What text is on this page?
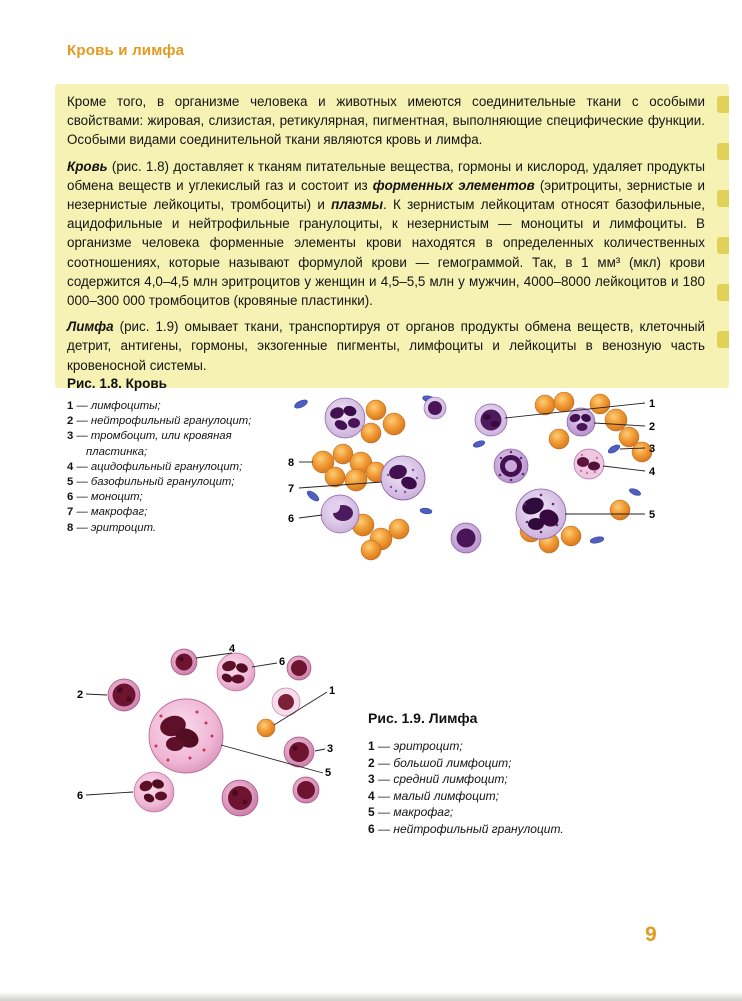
Кровь и лимфа

Кроме того, в организме человека и животных имеются соединительные ткани с особыми свойствами: жировая, слизистая, ретикулярная, пигментная, выполняющие специфические функции. Особыми видами соединительной ткани являются кровь и лимфа.

Кровь (рис. 1.8) доставляет к тканям питательные вещества, гормоны и кислород, удаляет продукты обмена веществ и углекислый газ и состоит из форменных элементов (эритроциты, зернистые и незернистые лейкоциты, тромбоциты) и плазмы. К зернистым лейкоцитам относят базофильные, ацидофильные и нейтрофильные гранулоциты, к незернистым — моноциты и лимфоциты. В организме человека форменные элементы крови находятся в определенных количественных соотношениях, которые называют формулой крови — гемограммой. Так, в 1 мм³ (мкл) крови содержится 4,0–4,5 млн эритроцитов у женщин и 4,5–5,5 млн у мужчин, 4000–8000 лейкоцитов и 180 000–300 000 тромбоцитов (кровяные пластинки).

Лимфа (рис. 1.9) омывает ткани, транспортируя от органов продукты обмена веществ, клеточный детрит, антигены, гормоны, экзогенные пигменты, лимфоциты и лейкоциты в венозную часть кровеносной системы.

Рис. 1.8. Кровь
1 — лимфоциты;
2 — нейтрофильный гранулоцит;
3 — тромбоцит, или кровяная пластинка;
4 — ацидофильный гранулоцит;
5 — базофильный гранулоцит;
6 — моноцит;
7 — макрофаг;
8 — эритроцит.
1
2
3
4
5
8
7
6
4
6
2	1
3
5
6
Рис. 1.9. Лимфа
1 — эритроцит;
2 — большой лимфоцит;
3 — средний лимфоцит;
4 — малый лимфоцит;
5 — макрофаг;
6 — нейтрофильный гранулоцит.
9
